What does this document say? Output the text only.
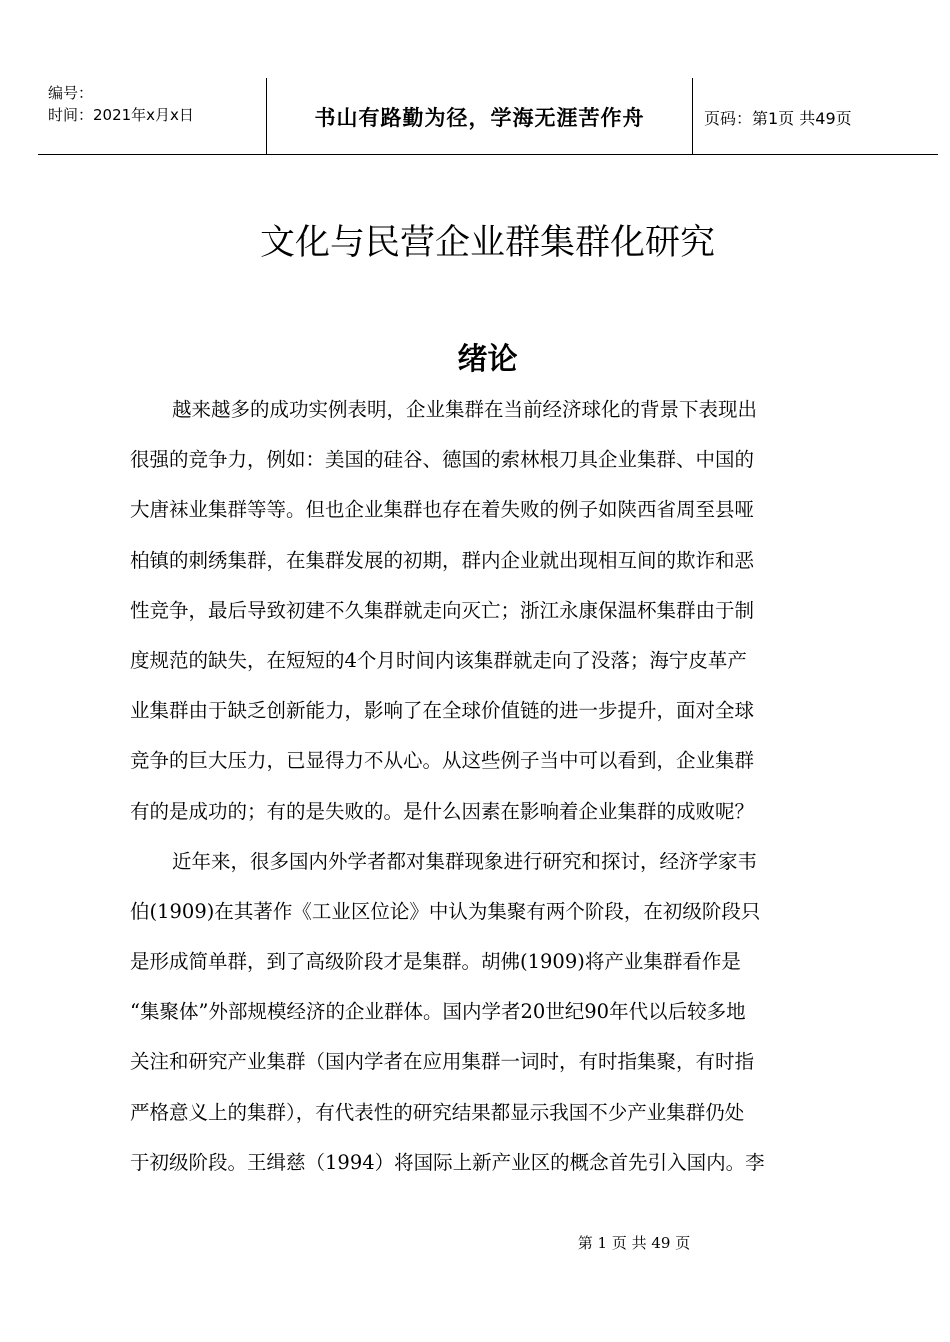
编号：
时间：2021年x月x日	书山有路勤为径，学海无涯苦作舟	页码：第1页 共49页
文化与民营企业群集群化研究
绪论
越来越多的成功实例表明，企业集群在当前经济球化的背景下表现出
很强的竞争力，例如：美国的硅谷、德国的索林根刀具企业集群、中国的
大唐袜业集群等等。但也企业集群也存在着失败的例子如陕西省周至县哑
柏镇的刺绣集群，在集群发展的初期，群内企业就出现相互间的欺诈和恶
性竞争，最后导致初建不久集群就走向灭亡；浙江永康保温杯集群由于制
度规范的缺失，在短短的4个月时间内该集群就走向了没落；海宁皮革产
业集群由于缺乏创新能力，影响了在全球价值链的进一步提升，面对全球
竞争的巨大压力，已显得力不从心。从这些例子当中可以看到，企业集群
有的是成功的；有的是失败的。是什么因素在影响着企业集群的成败呢？
近年来，很多国内外学者都对集群现象进行研究和探讨，经济学家韦
伯(1909)在其著作《工业区位论》中认为集聚有两个阶段，在初级阶段只
是形成简单群，到了高级阶段才是集群。胡佛(1909)将产业集群看作是
“集聚体”外部规模经济的企业群体。国内学者20世纪90年代以后较多地
关注和研究产业集群（国内学者在应用集群一词时，有时指集聚，有时指
严格意义上的集群），有代表性的研究结果都显示我国不少产业集群仍处
于初级阶段。王缉慈（1994）将国际上新产业区的概念首先引入国内。李
第 1 页 共 49 页
